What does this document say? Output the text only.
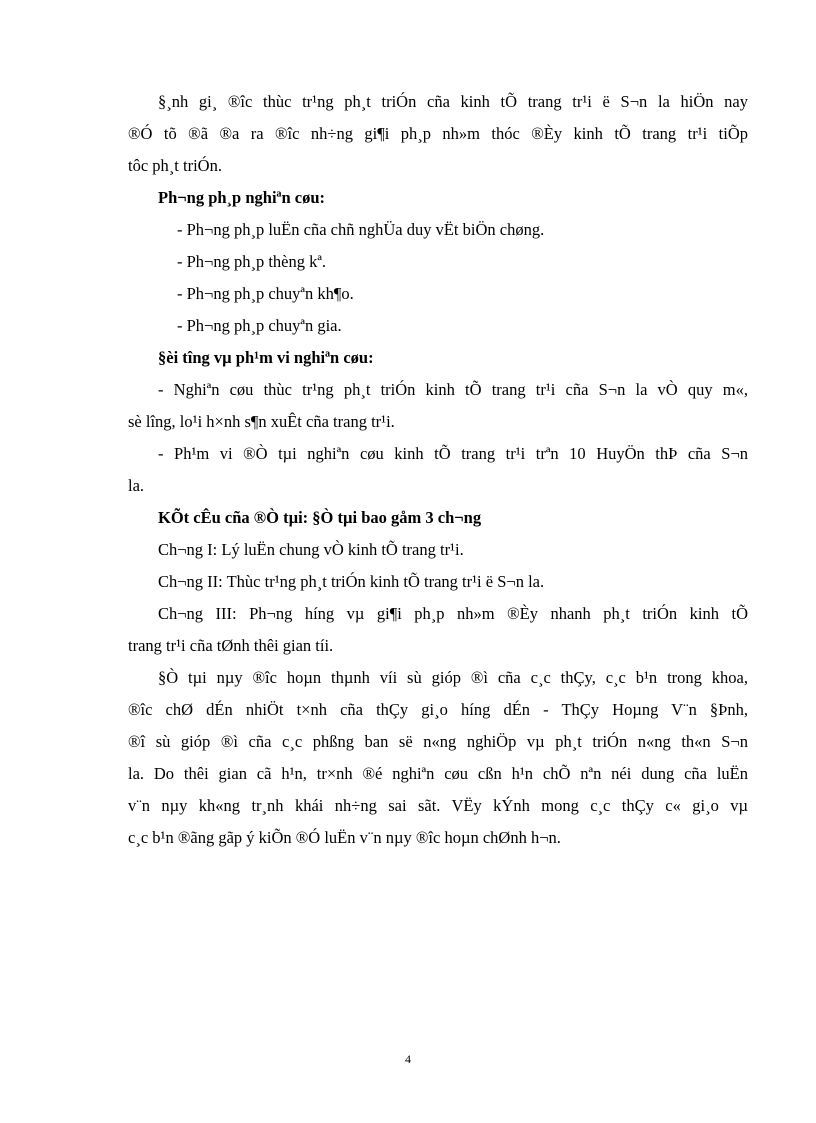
§¸nh gi¸ ®îc thùc tr¹ng ph¸t triÓn cña kinh tÕ trang tr¹i ë S¬n la hiÖn nay
®Ó tõ ®ã ®a ra ®îc nh÷ng gi¶i ph¸p nh»m thóc ®Èy kinh tÕ trang tr¹i tiÕp
tôc ph¸t triÓn.
Ph¬ng ph¸p nghiªn cøu:
- Ph¬ng ph¸p luËn cña chñ nghÜa duy vËt biÖn chøng.
- Ph¬ng ph¸p thèng kª.
- Ph¬ng ph¸p chuyªn kh¶o.
- Ph¬ng ph¸p chuyªn gia.
§èi tîng vµ ph¹m vi nghiªn cøu:
- Nghiªn cøu thùc tr¹ng ph¸t triÓn kinh tÕ trang tr¹i cña S¬n la vÒ quy m«,
sè lîng, lo¹i h×nh s¶n xuÊt cña trang tr¹i.
- Ph¹m vi ®Ò tµi nghiªn cøu kinh tÕ trang tr¹i trªn 10 HuyÖn thÞ cña S¬n
la.
KÕt cÊu cña ®Ò tµi: §Ò tµi bao gåm 3 ch¬ng
Ch¬ng I: Lý luËn chung vÒ kinh tÕ trang tr¹i.
Ch¬ng II: Thùc tr¹ng ph¸t triÓn kinh tÕ trang tr¹i ë S¬n la.
Ch¬ng III: Ph¬ng híng vµ gi¶i ph¸p nh»m ®Èy nhanh ph¸t triÓn kinh tÕ
trang tr¹i cña tØnh thêi gian tíi.
§Ò tµi nµy ®îc hoµn thµnh víi sù gióp ®ì cña c¸c thÇy, c¸c b¹n trong khoa,
®îc chØ dÉn nhiÖt t×nh cña thÇy gi¸o híng dÉn - ThÇy Hoµng V¨n §Þnh,
®î sù gióp ®ì cña c¸c phßng ban së n«ng nghiÖp vµ ph¸t triÓn n«ng th«n S¬n
la. Do thêi gian cã h¹n, tr×nh ®é nghiªn cøu cßn h¹n chÕ nªn néi dung cña luËn
v¨n nµy kh«ng tr¸nh khái nh÷ng sai sãt. VËy kÝnh mong c¸c thÇy c« gi¸o vµ
c¸c b¹n ®ãng gãp ý kiÕn ®Ó luËn v¨n nµy ®îc hoµn chØnh h¬n.
4
